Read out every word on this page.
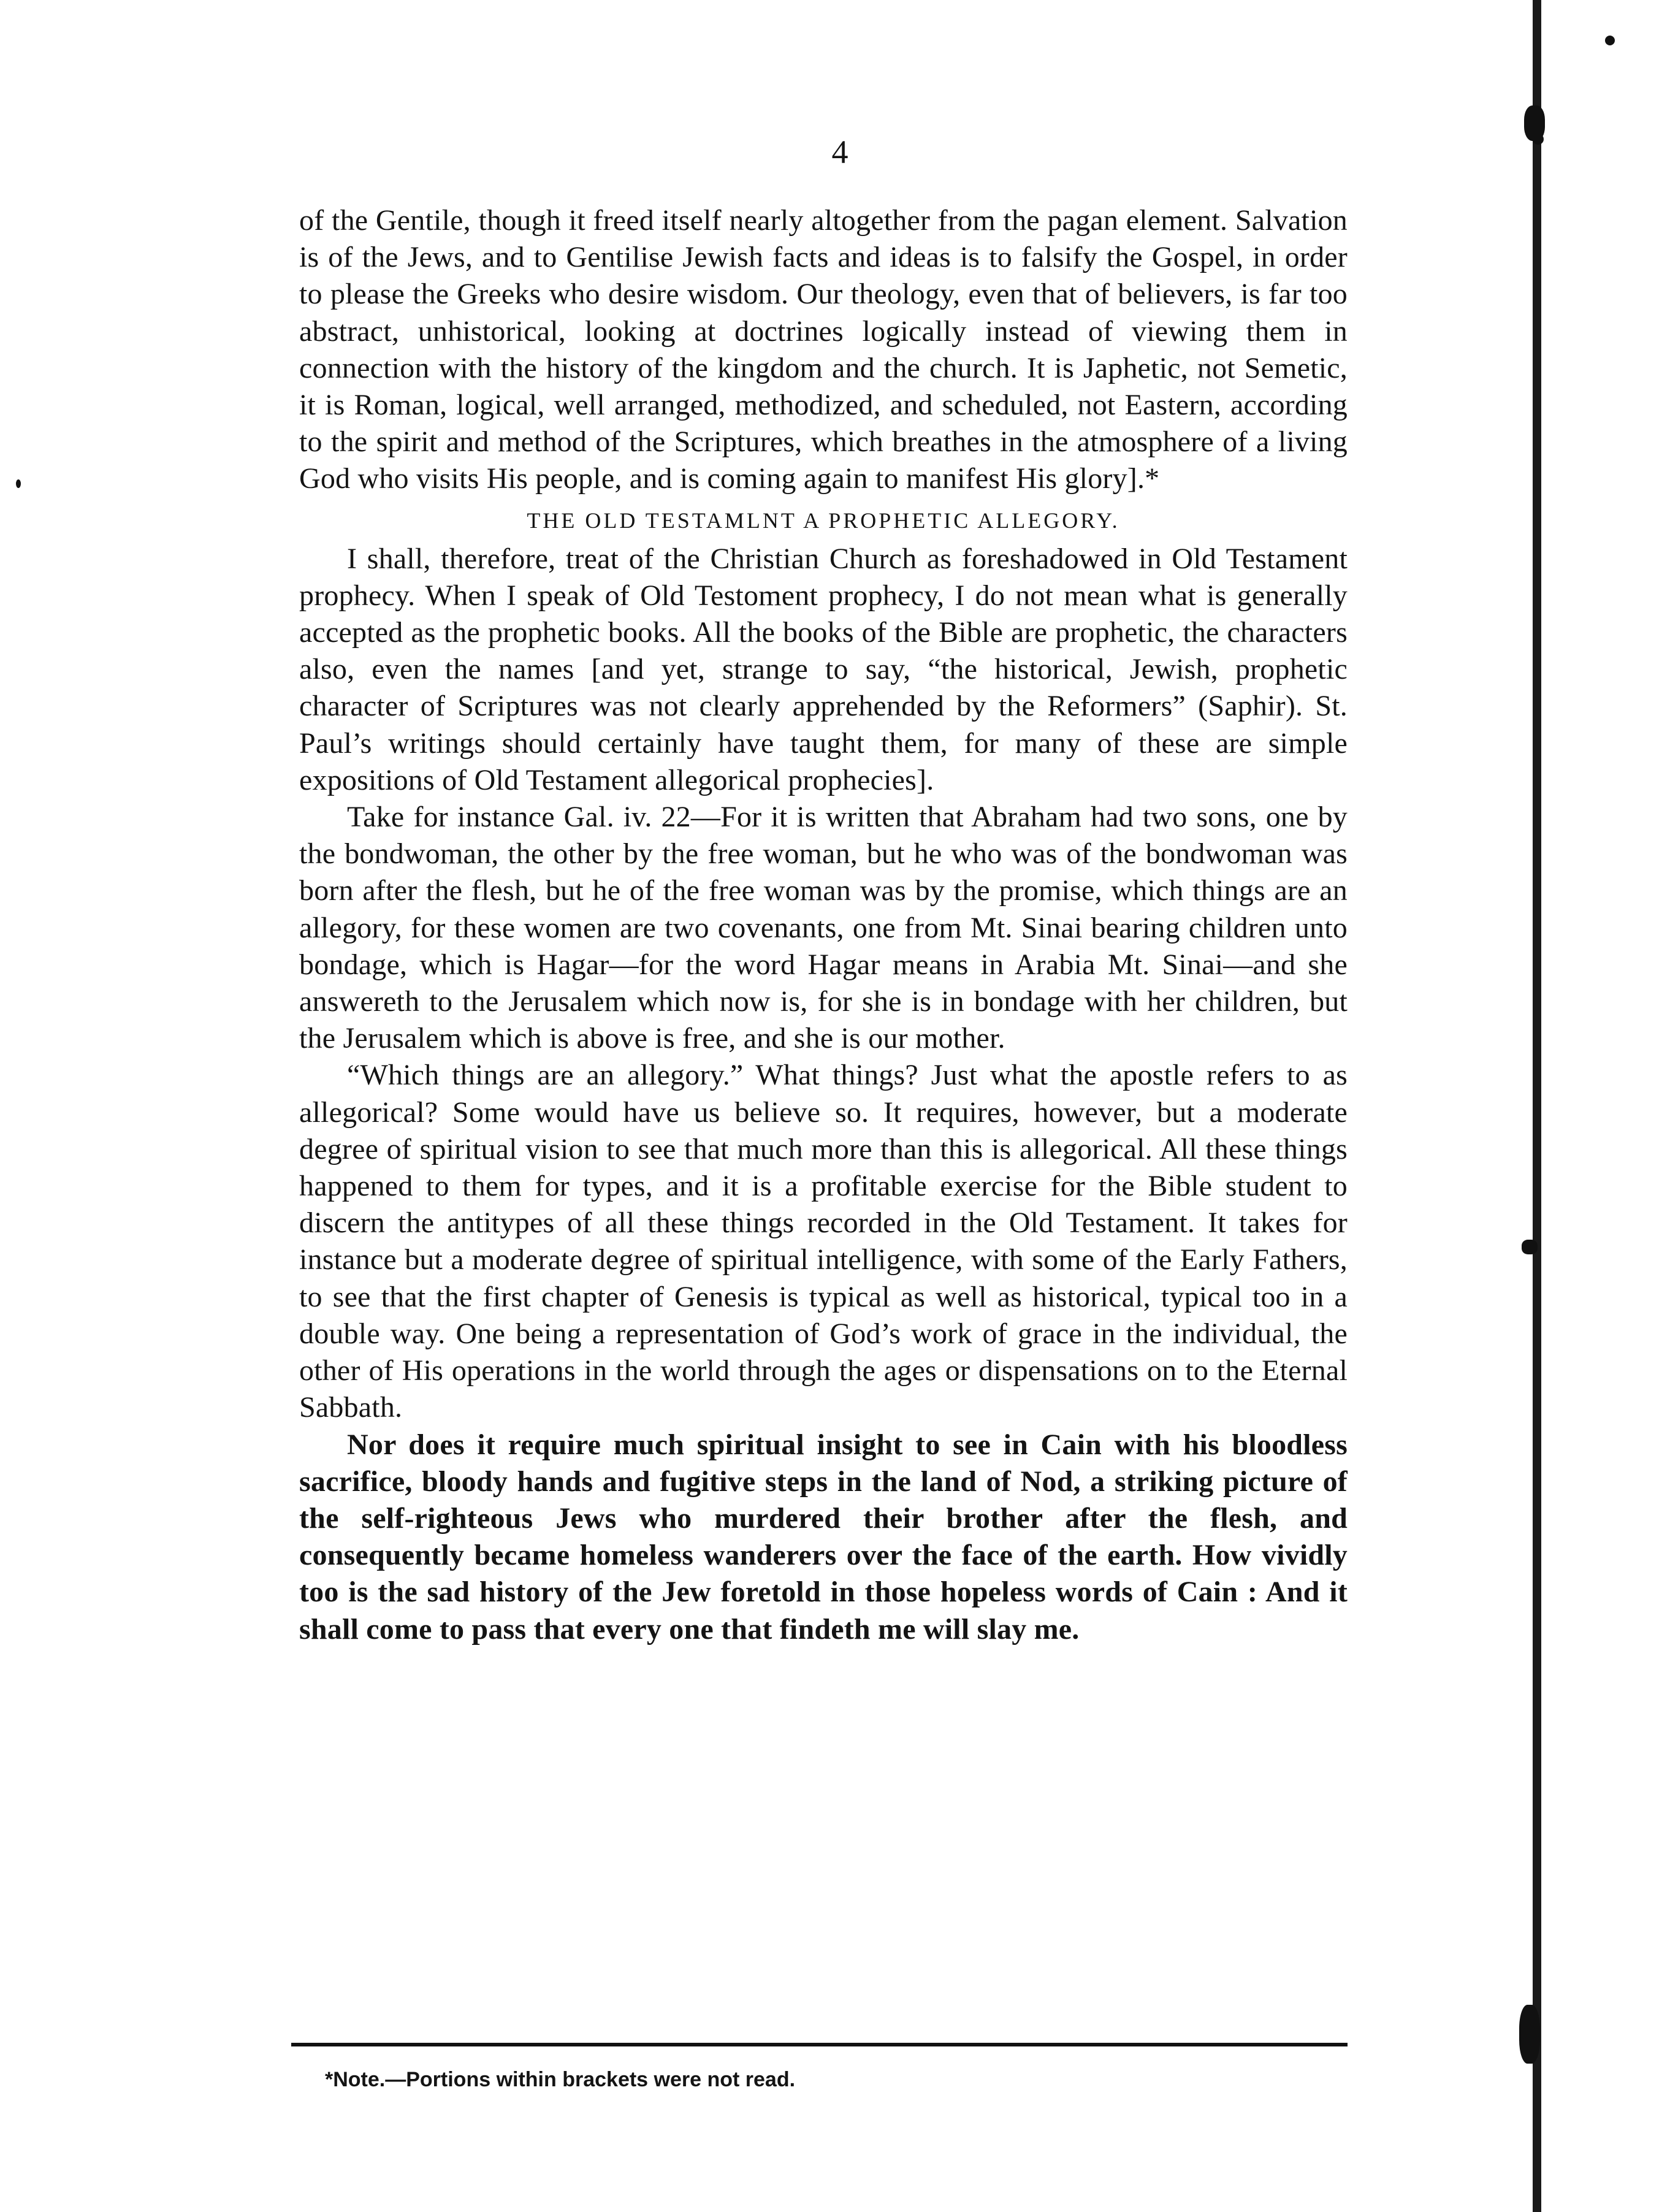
4

of the Gentile, though it freed itself nearly altogether from the pagan element. Salvation is of the Jews, and to Gentilise Jewish facts and ideas is to falsify the Gospel, in order to please the Greeks who desire wisdom. Our theology, even that of believers, is far too abstract, unhistorical, looking at doctrines logically instead of viewing them in connection with the history of the kingdom and the church. It is Japhetic, not Semetic, it is Roman, logical, well arranged, methodized, and scheduled, not Eastern, according to the spirit and method of the Scriptures, which breathes in the atmosphere of a living God who visits His people, and is coming again to manifest His glory].*

THE OLD TESTAMLNT A PROPHETIC ALLEGORY.

I shall, therefore, treat of the Christian Church as foreshadowed in Old Testament prophecy. When I speak of Old Testoment prophecy, I do not mean what is generally accepted as the prophetic books. All the books of the Bible are prophetic, the characters also, even the names [and yet, strange to say, “the historical, Jewish, prophetic character of Scriptures was not clearly apprehended by the Reformers” (Saphir). St. Paul’s writings should certainly have taught them, for many of these are simple expositions of Old Testament allegorical prophecies].

Take for instance Gal. iv. 22—For it is written that Abraham had two sons, one by the bondwoman, the other by the free woman, but he who was of the bondwoman was born after the flesh, but he of the free woman was by the promise, which things are an allegory, for these women are two covenants, one from Mt. Sinai bearing children unto bondage, which is Hagar—for the word Hagar means in Arabia Mt. Sinai—and she answereth to the Jerusalem which now is, for she is in bondage with her children, but the Jerusalem which is above is free, and she is our mother.

“Which things are an allegory.” What things? Just what the apostle refers to as allegorical? Some would have us believe so. It requires, however, but a moderate degree of spiritual vision to see that much more than this is allegorical. All these things happened to them for types, and it is a profitable exercise for the Bible student to discern the antitypes of all these things recorded in the Old Testament. It takes for instance but a moderate degree of spiritual intelligence, with some of the Early Fathers, to see that the first chapter of Genesis is typical as well as historical, typical too in a double way. One being a representation of God’s work of grace in the individual, the other of His operations in the world through the ages or dispensations on to the Eternal Sabbath.

Nor does it require much spiritual insight to see in Cain with his bloodless sacrifice, bloody hands and fugitive steps in the land of Nod, a striking picture of the self-righteous Jews who murdered their brother after the flesh, and consequently became homeless wanderers over the face of the earth. How vividly too is the sad history of the Jew foretold in those hopeless words of Cain : And it shall come to pass that every one that findeth me will slay me.

*Note.—Portions within brackets were not read.
